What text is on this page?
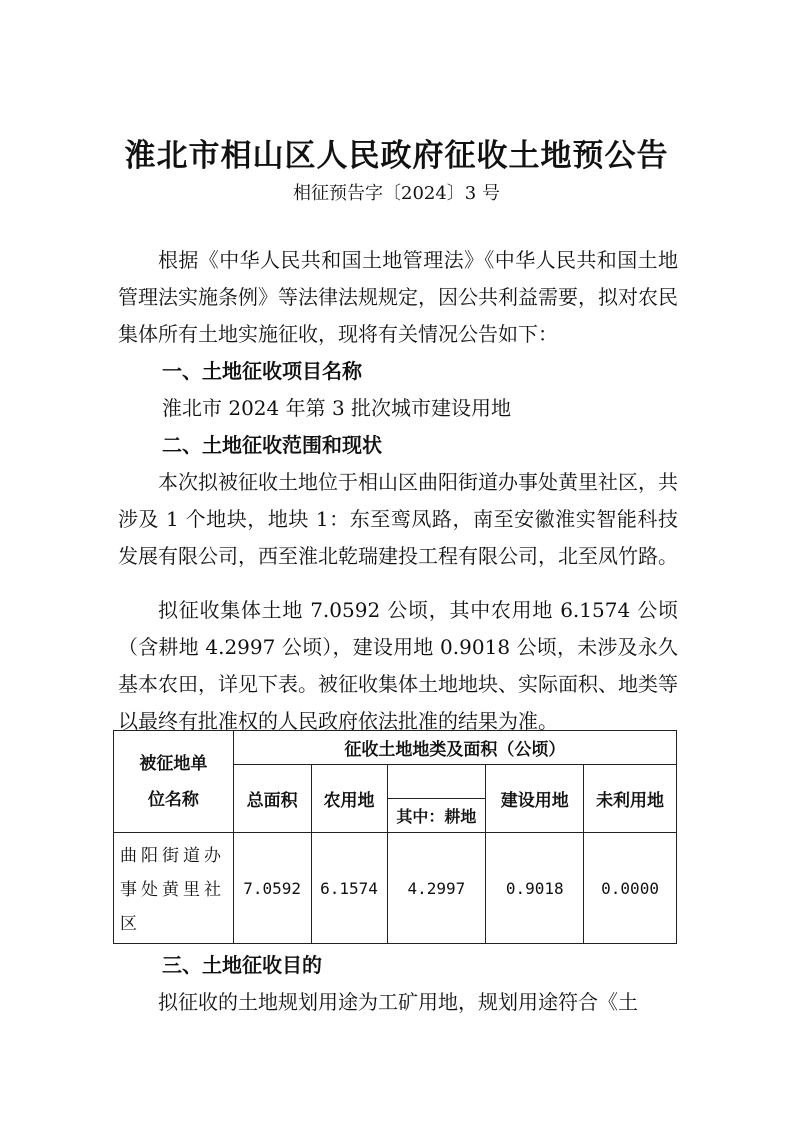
淮北市相山区人民政府征收土地预公告
相征预告字〔2024〕3 号
根据《中华人民共和国土地管理法》《中华人民共和国土地管理法实施条例》等法律法规规定，因公共利益需要，拟对农民集体所有土地实施征收，现将有关情况公告如下：
一、土地征收项目名称
淮北市 2024 年第 3 批次城市建设用地
二、土地征收范围和现状
本次拟被征收土地位于相山区曲阳街道办事处黄里社区，共涉及 1 个地块，地块 1：东至鸾凤路，南至安徽淮实智能科技发展有限公司，西至淮北乾瑞建投工程有限公司，北至凤竹路。
拟征收集体土地 7.0592 公顷，其中农用地 6.1574 公顷（含耕地 4.2997 公顷），建设用地 0.9018 公顷，未涉及永久基本农田，详见下表。被征收集体土地地块、实际面积、地类等以最终有批准权的人民政府依法批准的结果为准。
被征地单位名称	征收土地地类及面积（公顷）				
	总面积	农用地		建设用地	未利用地
			其中：耕地		
曲阳街道办事处黄里社区	7.0592	6.1574	4.2997	0.9018	0.0000
三、土地征收目的
拟征收的土地规划用途为工矿用地，规划用途符合《土
